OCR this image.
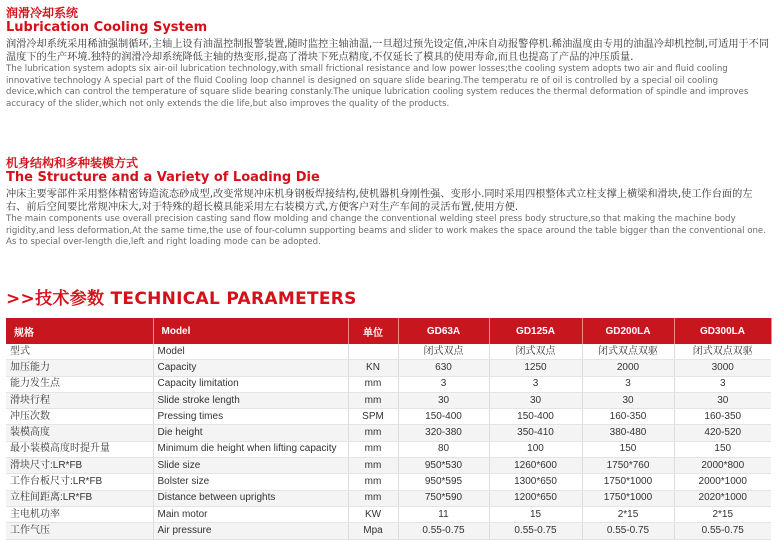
润滑冷却系统
Lubrication Cooling System
润滑冷却系统采用稀油强制循环,主轴上设有油温控制报警装置,随时监控主轴油温,一旦超过预先设定值,冲床自动报警停机.稀油温度由专用的油温冷却机控制,可适用于不同温度下的生产环境.独特的润滑冷却系统降低主轴的热变形,提高了滑块下死点精度,不仅延长了模具的使用寿命,而且也提高了产品的冲压质量.
The lubrication system adopts six air-oil lubrication technology,with small frictional resistance and low power losses;the cooling system adopts two air and fluid cooling innovative technology A special part of the fluid Cooling loop channel is designed on square slide bearing.The temperatu re of oil is controlled by a special oil cooling device,which can control the temperature of square slide bearing constanly.The unique lubrication cooling system reduces the thermal deformation of spindle and improves accuracy of the slider,which not only extends the die life,but also improves the quality of the products.
机身结构和多种装模方式
The Structure and a Variety of Loading Die
冲床主要零部件采用整体精密铸造流态砂成型,改变常规冲床机身钢板焊接结构,使机器机身刚性强、变形小.同时采用四根整体式立柱支撑上横梁和滑块,使工作台面的左右、前后空间要比常规冲床大,对于特殊的超长模具能采用左右装模方式,方便客户对生产车间的灵活布置,使用方便.
The main components use overall precision casting sand flow molding and change the conventional welding steel press body structure,so that making the machine body rigidity,and less deformation,At the same time,the use of four-column supporting beams and slider to work makes the space around the table bigger than the conventional one. As to special over-length die,left and right loading mode can be adopted.
>>技术参数 TECHNICAL PARAMETERS
规格	Model	单位	GD63A	GD125A	GD200LA	GD300LA
型式	Model		闭式双点	闭式双点	闭式双点双驱	闭式双点双驱
加压能力	Capacity	KN	630	1250	2000	3000
能力发生点	Capacity limitation	mm	3	3	3	3
滑块行程	Slide stroke length	mm	30	30	30	30
冲压次数	Pressing times	SPM	150-400	150-400	160-350	160-350
装模高度	Die height	mm	320-380	350-410	380-480	420-520
最小装模高度时提升量	Minimum die height when lifting capacity	mm	80	100	150	150
滑块尺寸:LR*FB	Slide size	mm	950*530	1260*600	1750*760	2000*800
工作台板尺寸:LR*FB	Bolster size	mm	950*595	1300*650	1750*1000	2000*1000
立柱间距离:LR*FB	Distance between uprights	mm	750*590	1200*650	1750*1000	2020*1000
主电机功率	Main motor	KW	11	15	2*15	2*15
工作气压	Air pressure	Mpa	0.55-0.75	0.55-0.75	0.55-0.75	0.55-0.75
